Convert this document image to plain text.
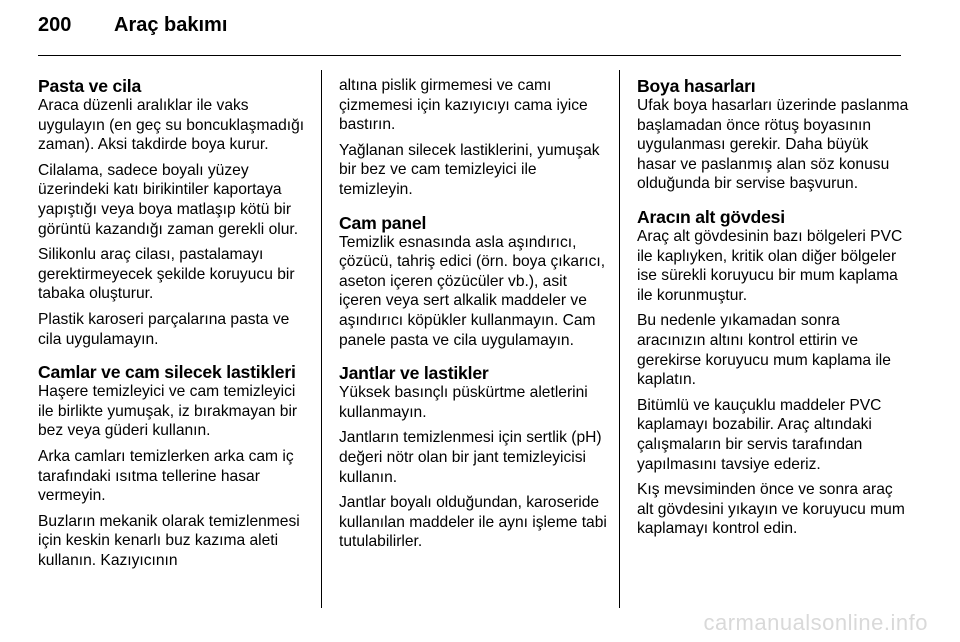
200	Araç bakımı
Pasta ve cila

Araca düzenli aralıklar ile vaks uygulayın (en geç su boncuklaşmadığı zaman). Aksi takdirde boya kurur.

Cilalama, sadece boyalı yüzey üzerindeki katı birikintiler kaportaya yapıştığı veya boya matlaşıp kötü bir görüntü kazandığı zaman gerekli olur.

Silikonlu araç cilası, pastalamayı gerektirmeyecek şekilde koruyucu bir tabaka oluşturur.

Plastik karoseri parçalarına pasta ve cila uygulamayın.

Camlar ve cam silecek lastikleri

Haşere temizleyici ve cam temizleyici ile birlikte yumuşak, iz bırakmayan bir bez veya güderi kullanın.

Arka camları temizlerken arka cam iç tarafındaki ısıtma tellerine hasar vermeyin.

Buzların mekanik olarak temizlenmesi için keskin kenarlı buz kazıma aleti kullanın. Kazıyıcının

altına pislik girmemesi ve camı çizmemesi için kazıyıcıyı cama iyice bastırın.

Yağlanan silecek lastiklerini, yumuşak bir bez ve cam temizleyici ile temizleyin.

Cam panel

Temizlik esnasında asla aşındırıcı, çözücü, tahriş edici (örn. boya çıkarıcı, aseton içeren çözücüler vb.), asit içeren veya sert alkalik maddeler ve aşındırıcı köpükler kullanmayın. Cam panele pasta ve cila uygulamayın.

Jantlar ve lastikler

Yüksek basınçlı püskürtme aletlerini kullanmayın.

Jantların temizlenmesi için sertlik (pH) değeri nötr olan bir jant temizleyicisi kullanın.

Jantlar boyalı olduğundan, karoseride kullanılan maddeler ile aynı işleme tabi tutulabilirler.

Boya hasarları

Ufak boya hasarları üzerinde paslanma başlamadan önce rötuş boyasının uygulanması gerekir. Daha büyük hasar ve paslanmış alan söz konusu olduğunda bir servise başvurun.

Aracın alt gövdesi

Araç alt gövdesinin bazı bölgeleri PVC ile kaplıyken, kritik olan diğer bölgeler ise sürekli koruyucu bir mum kaplama ile korunmuştur.

Bu nedenle yıkamadan sonra aracınızın altını kontrol ettirin ve gerekirse koruyucu mum kaplama ile kaplatın.

Bitümlü ve kauçuklu maddeler PVC kaplamayı bozabilir. Araç altındaki çalışmaların bir servis tarafından yapılmasını tavsiye ederiz.

Kış mevsiminden önce ve sonra araç alt gövdesini yıkayın ve koruyucu mum kaplamayı kontrol edin.

carmanualsonline.info
